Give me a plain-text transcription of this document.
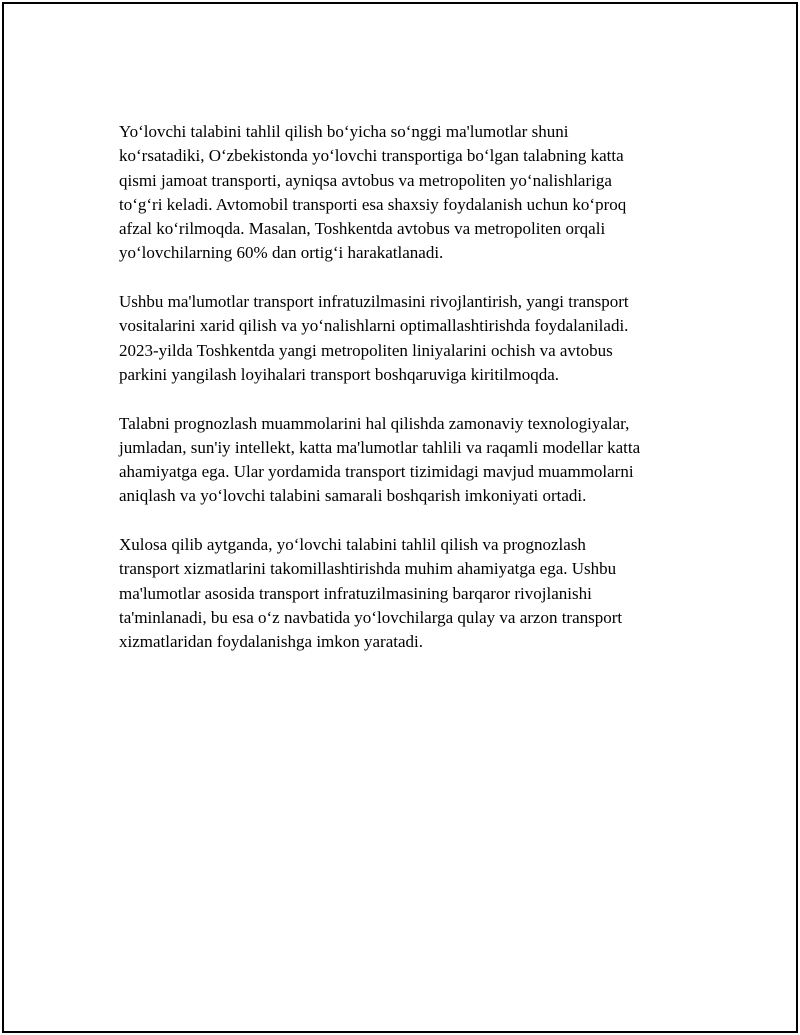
Yo‘lovchi talabini tahlil qilish bo‘yicha so‘nggi ma'lumotlar shuni
ko‘rsatadiki, O‘zbekistonda yo‘lovchi transportiga bo‘lgan talabning katta
qismi jamoat transporti, ayniqsa avtobus va metropoliten yo‘nalishlariga
to‘g‘ri keladi. Avtomobil transporti esa shaxsiy foydalanish uchun ko‘proq
afzal ko‘rilmoqda. Masalan, Toshkentda avtobus va metropoliten orqali
yo‘lovchilarning 60% dan ortig‘i harakatlanadi.

Ushbu ma'lumotlar transport infratuzilmasini rivojlantirish, yangi transport
vositalarini xarid qilish va yo‘nalishlarni optimallashtirishda foydalaniladi.
2023-yilda Toshkentda yangi metropoliten liniyalarini ochish va avtobus
parkini yangilash loyihalari transport boshqaruviga kiritilmoqda.

Talabni prognozlash muammolarini hal qilishda zamonaviy texnologiyalar,
jumladan, sun'iy intellekt, katta ma'lumotlar tahlili va raqamli modellar katta
ahamiyatga ega. Ular yordamida transport tizimidagi mavjud muammolarni
aniqlash va yo‘lovchi talabini samarali boshqarish imkoniyati ortadi.

Xulosa qilib aytganda, yo‘lovchi talabini tahlil qilish va prognozlash
transport xizmatlarini takomillashtirishda muhim ahamiyatga ega. Ushbu
ma'lumotlar asosida transport infratuzilmasining barqaror rivojlanishi
ta'minlanadi, bu esa o‘z navbatida yo‘lovchilarga qulay va arzon transport
xizmatlaridan foydalanishga imkon yaratadi.
